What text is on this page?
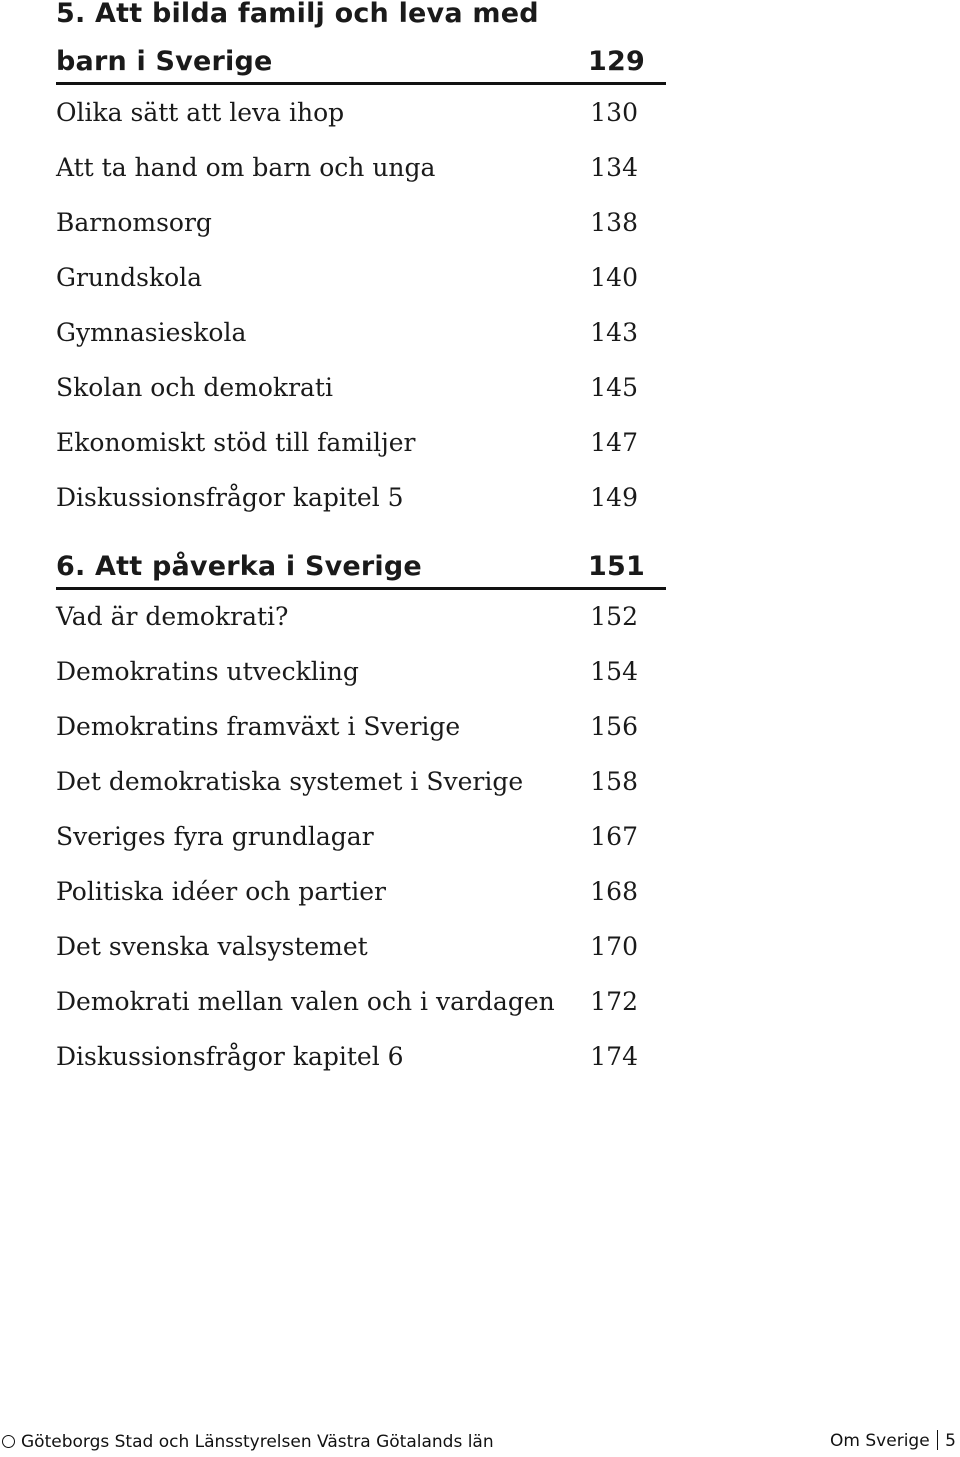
5. Att bilda familj och leva med
barn i Sverige	129
Olika sätt att leva ihop	130
Att ta hand om barn och unga	134
Barnomsorg	138
Grundskola	140
Gymnasieskola	143
Skolan och demokrati	145
Ekonomiskt stöd till familjer	147
Diskussionsfrågor kapitel 5	149
6. Att påverka i Sverige	151
Vad är demokrati?	152
Demokratins utveckling	154
Demokratins framväxt i Sverige	156
Det demokratiska systemet i Sverige	158
Sveriges fyra grundlagar	167
Politiska idéer och partier	168
Det svenska valsystemet	170
Demokrati mellan valen och i vardagen 172
Diskussionsfrågor kapitel 6	174
Göteborgs Stad och Länsstyrelsen Västra Götalands län	Om Sverige 5
